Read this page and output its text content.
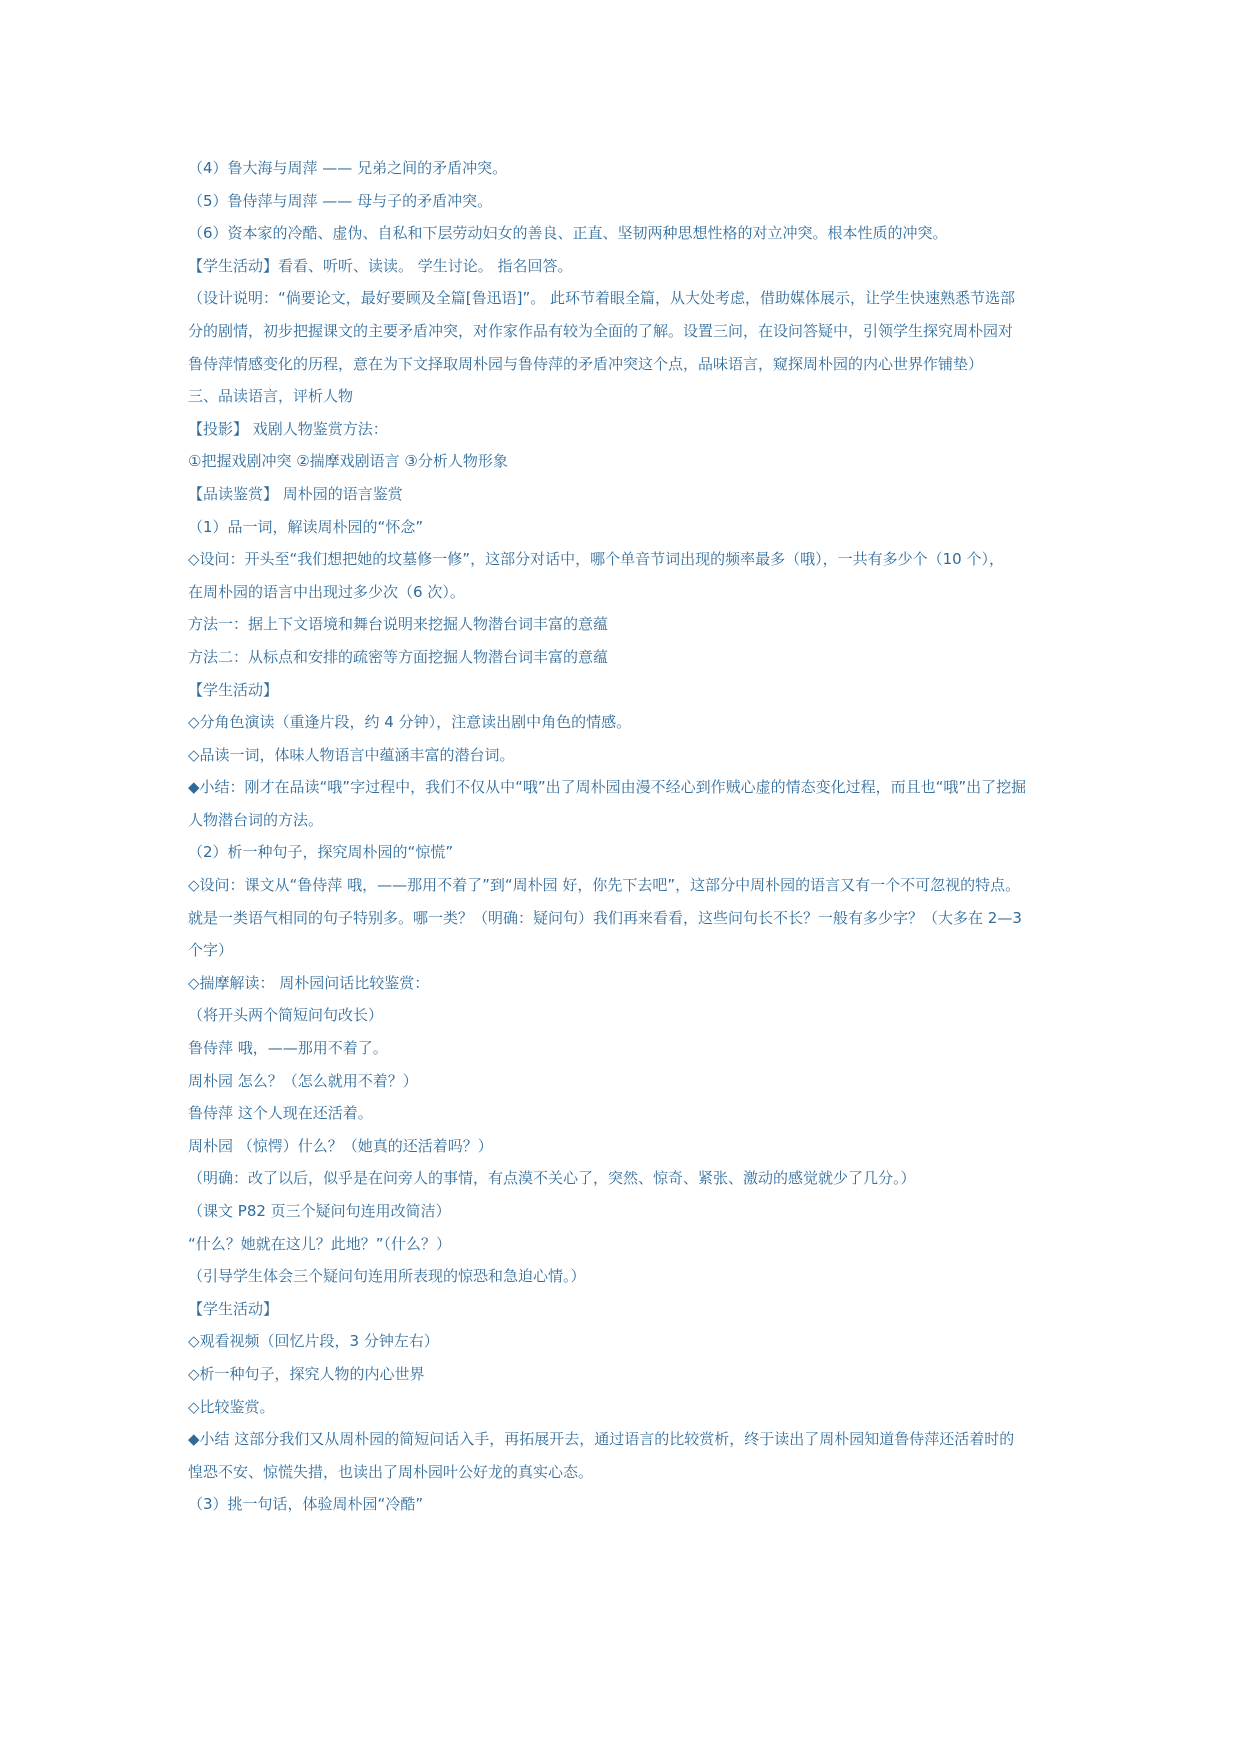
（4）鲁大海与周萍 —— 兄弟之间的矛盾冲突。
（5）鲁侍萍与周萍 —— 母与子的矛盾冲突。
（6）资本家的冷酷、虚伪、自私和下层劳动妇女的善良、正直、坚韧两种思想性格的对立冲突。根本性质的冲突。
【学生活动】看看、听听、读读。 学生讨论。 指名回答。
（设计说明：“倘要论文，最好要顾及全篇[鲁迅语]”。 此环节着眼全篇，从大处考虑，借助媒体展示，让学生快速熟悉节选部
分的剧情，初步把握课文的主要矛盾冲突，对作家作品有较为全面的了解。设置三问，在设问答疑中，引领学生探究周朴园对
鲁侍萍情感变化的历程，意在为下文择取周朴园与鲁侍萍的矛盾冲突这个点，品味语言，窥探周朴园的内心世界作铺垫）
三、品读语言，评析人物
【投影】 戏剧人物鉴赏方法：
①把握戏剧冲突 ②揣摩戏剧语言 ③分析人物形象
【品读鉴赏】 周朴园的语言鉴赏
（1）品一词，解读周朴园的“怀念”
◇设问：开头至“我们想把她的坟墓修一修”，这部分对话中，哪个单音节词出现的频率最多（哦），一共有多少个（10 个），
在周朴园的语言中出现过多少次（6 次）。
方法一：据上下文语境和舞台说明来挖掘人物潜台词丰富的意蕴
方法二：从标点和安排的疏密等方面挖掘人物潜台词丰富的意蕴
【学生活动】
◇分角色演读（重逢片段，约 4 分钟），注意读出剧中角色的情感。
◇品读一词，体味人物语言中蕴涵丰富的潜台词。
◆小结：刚才在品读“哦”字过程中，我们不仅从中“哦”出了周朴园由漫不经心到作贼心虚的情态变化过程，而且也“哦”出了挖掘
人物潜台词的方法。
（2）析一种句子，探究周朴园的“惊慌”
◇设问：课文从“鲁侍萍 哦，——那用不着了”到“周朴园 好，你先下去吧”，这部分中周朴园的语言又有一个不可忽视的特点。
就是一类语气相同的句子特别多。哪一类？（明确：疑问句）我们再来看看，这些问句长不长？一般有多少字？（大多在 2—3
个字）
◇揣摩解读： 周朴园问话比较鉴赏：
（将开头两个简短问句改长）
鲁侍萍 哦，——那用不着了。
周朴园 怎么？（怎么就用不着？）
鲁侍萍 这个人现在还活着。
周朴园 （惊愕）什么？（她真的还活着吗？）
（明确：改了以后，似乎是在问旁人的事情，有点漠不关心了，突然、惊奇、紧张、激动的感觉就少了几分。）
（课文 P82 页三个疑问句连用改简洁）
“什么？她就在这儿？此地？”（什么？）
（引导学生体会三个疑问句连用所表现的惊恐和急迫心情。）
【学生活动】
◇观看视频（回忆片段，3 分钟左右）
◇析一种句子，探究人物的内心世界
◇比较鉴赏。
◆小结 这部分我们又从周朴园的简短问话入手，再拓展开去，通过语言的比较赏析，终于读出了周朴园知道鲁侍萍还活着时的
惶恐不安、惊慌失措，也读出了周朴园叶公好龙的真实心态。
（3）挑一句话，体验周朴园“冷酷”
